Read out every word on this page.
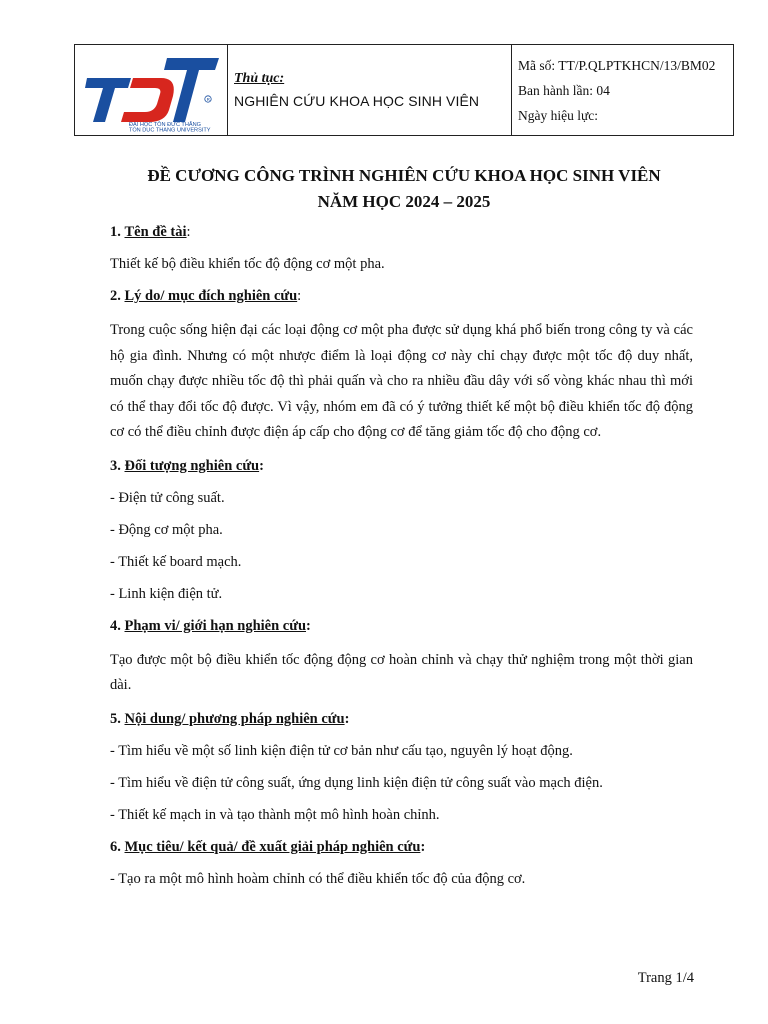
R
ĐẠI HỌC TÔN ĐỨC THẮNG
TON DUC THANG UNIVERSITY
Thủ tục:
NGHIÊN CỨU KHOA HỌC SINH VIÊN
Mã số: TT/P.QLPTKHCN/13/BM02
Ban hành lần: 04
Ngày hiệu lực:
ĐỀ CƯƠNG CÔNG TRÌNH NGHIÊN CỨU KHOA HỌC SINH VIÊN
NĂM HỌC 2024 – 2025
1. Tên đề tài:
Thiết kế bộ điều khiển tốc độ động cơ một pha.
2. Lý do/ mục đích nghiên cứu:
Trong cuộc sống hiện đại các loại động cơ một pha được sử dụng khá phổ biến trong công ty và các hộ gia đình. Nhưng có một nhược điểm là loại động cơ này chỉ chạy được một tốc độ duy nhất, muốn chạy được nhiều tốc độ thì phải quấn và cho ra nhiều đầu dây với số vòng khác nhau thì mới có thể thay đổi tốc độ được. Vì vậy, nhóm em đã có ý tưởng thiết kế một bộ điều khiển tốc độ động cơ có thể điều chỉnh được điện áp cấp cho động cơ để tăng giảm tốc độ cho động cơ.
3. Đối tượng nghiên cứu:
- Điện tử công suất.
- Động cơ một pha.
- Thiết kế board mạch.
- Linh kiện điện tử.
4. Phạm vi/ giới hạn nghiên cứu:
Tạo được một bộ điều khiển tốc động động cơ hoàn chỉnh và chạy thử nghiệm trong một thời gian dài.
5. Nội dung/ phương pháp nghiên cứu:
- Tìm hiểu về một số linh kiện điện tử cơ bản như cấu tạo, nguyên lý hoạt động.
- Tìm hiểu về điện tử công suất, ứng dụng linh kiện điện tử công suất vào mạch điện.
- Thiết kế mạch in và tạo thành một mô hình hoàn chỉnh.
6. Mục tiêu/ kết quả/ đề xuất giải pháp nghiên cứu:
- Tạo ra một mô hình hoàm chỉnh có thể điều khiển tốc độ của động cơ.
Trang 1/4
